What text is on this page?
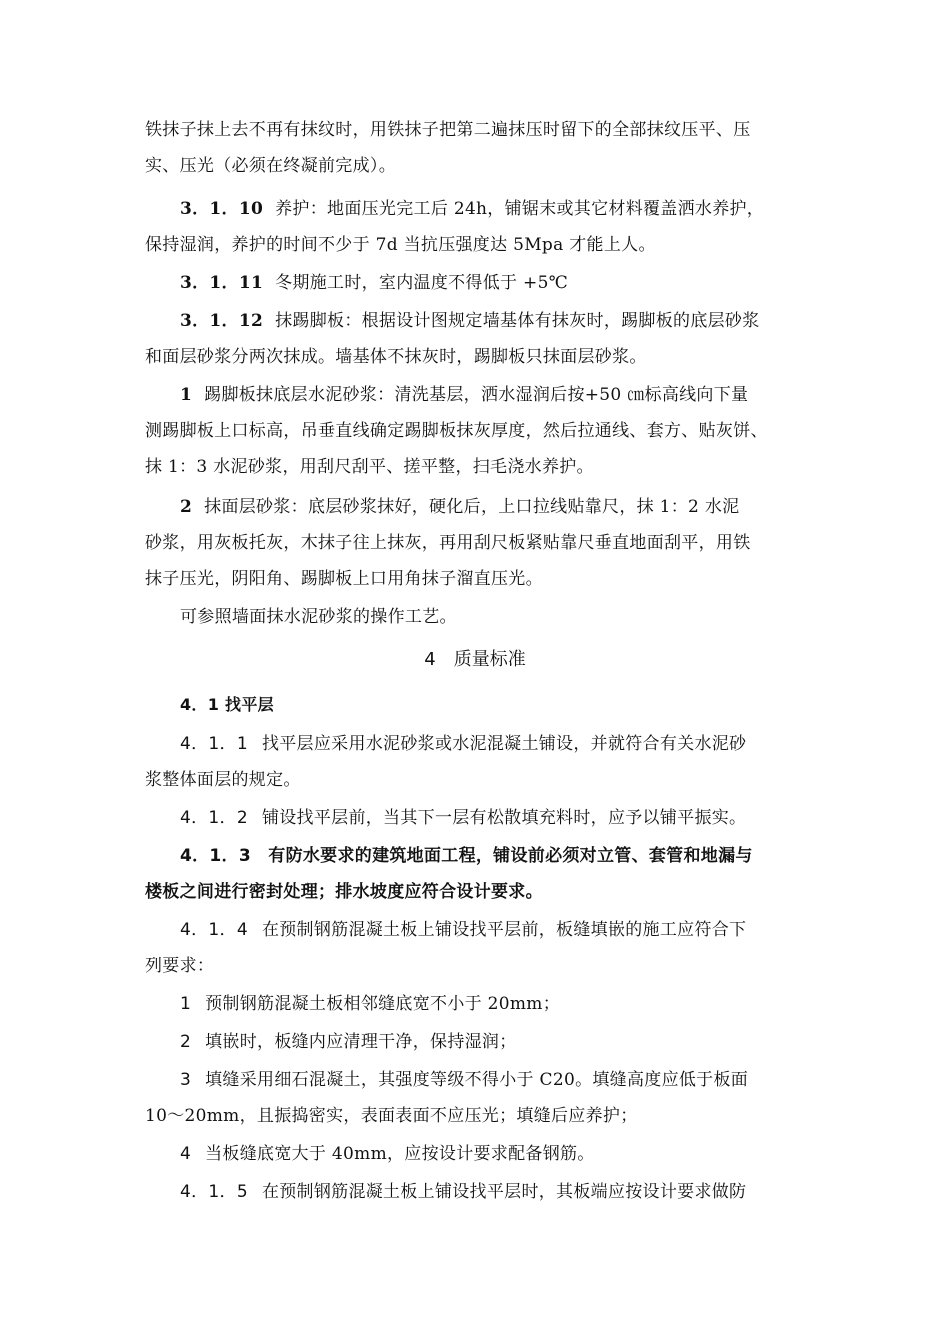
铁抹子抹上去不再有抹纹时，用铁抹子把第二遍抹压时留下的全部抹纹压平、压
实、压光（必须在终凝前完成）。
3．1．10 养护：地面压光完工后 24h，铺锯末或其它材料覆盖洒水养护，
保持湿润，养护的时间不少于 7d 当抗压强度达 5Mpa 才能上人。
3．1．11 冬期施工时，室内温度不得低于 +5℃
3．1．12 抹踢脚板：根据设计图规定墙基体有抹灰时，踢脚板的底层砂浆
和面层砂浆分两次抹成。墙基体不抹灰时，踢脚板只抹面层砂浆。
1 踢脚板抹底层水泥砂浆：清洗基层，洒水湿润后按+50 ㎝标高线向下量
测踢脚板上口标高，吊垂直线确定踢脚板抹灰厚度，然后拉通线、套方、贴灰饼、
抹 1：3 水泥砂浆，用刮尺刮平、搓平整，扫毛浇水养护。
2 抹面层砂浆：底层砂浆抹好，硬化后，上口拉线贴靠尺，抹 1：2 水泥
砂浆，用灰板托灰，木抹子往上抹灰，再用刮尺板紧贴靠尺垂直地面刮平，用铁
抹子压光，阴阳角、踢脚板上口用角抹子溜直压光。
可参照墙面抹水泥砂浆的操作工艺。
4　质量标准
4．1 找平层
4．1．1 找平层应采用水泥砂浆或水泥混凝土铺设，并就符合有关水泥砂
浆整体面层的规定。
4．1．2 铺设找平层前，当其下一层有松散填充料时，应予以铺平振实。
4．1．3　有防水要求的建筑地面工程，铺设前必须对立管、套管和地漏与
楼板之间进行密封处理；排水坡度应符合设计要求。
4．1．4 在预制钢筋混凝土板上铺设找平层前，板缝填嵌的施工应符合下
列要求：
1 预制钢筋混凝土板相邻缝底宽不小于 20mm；
2 填嵌时，板缝内应清理干净，保持湿润；
3 填缝采用细石混凝土，其强度等级不得小于 C20。填缝高度应低于板面
10～20mm，且振捣密实，表面表面不应压光；填缝后应养护；
4 当板缝底宽大于 40mm，应按设计要求配备钢筋。
4．1．5 在预制钢筋混凝土板上铺设找平层时，其板端应按设计要求做防
